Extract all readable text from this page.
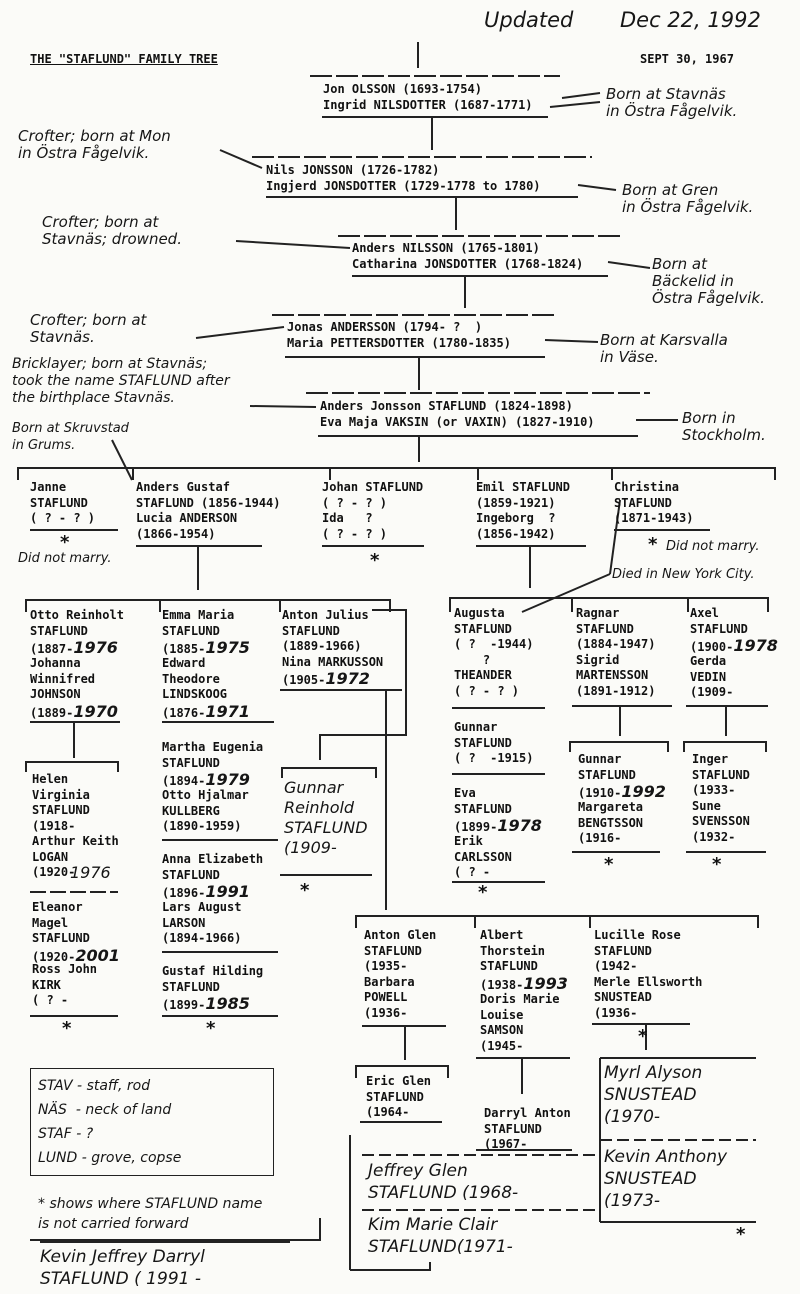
Updated Dec 22, 1992
THE "STAFLUND" FAMILY TREE	SEPT 30, 1967
Jon OLSSON (1693-1754)
Ingrid NILSDOTTER (1687-1771)
Nils JONSSON (1726-1782)
Ingjerd JONSDOTTER (1729-1778 to 1780)
Anders NILSSON (1765-1801)
Catharina JONSDOTTER (1768-1824)
Jonas ANDERSSON (1794- ?  )
Maria PETTERSDOTTER (1780-1835)
Anders Jonsson STAFLUND (1824-1898)
Eva Maja VAKSIN (or VAXIN) (1827-1910)
Born at Stavnäs
in Östra Fågelvik.
Crofter; born at Mon
in Östra Fågelvik.
Born at Gren
in Östra Fågelvik.
Crofter; born at
Stavnäs; drowned.
Born at
Bäckelid in
Östra Fågelvik.
Crofter; born at
Stavnäs.	Born at Karsvalla
in Väse.
Bricklayer; born at Stavnäs;
took the name STAFLUND after
the birthplace Stavnäs.
Born in
Stockholm.
Born at Skruvstad
in Grums.
Janne
STAFLUND
( ? - ? )
Anders Gustaf
STAFLUND (1856-1944)
Lucia ANDERSON
(1866-1954)
Johan STAFLUND
( ? - ? )
Ida   ?
( ? - ? )
Emil STAFLUND
(1859-1921)
Ingeborg  ?
(1856-1942)
Christina
STAFLUND
(1871-1943)
*
Did not marry.	*
* Did not marry.
Died in New York City.
Otto Reinholt
STAFLUND
(1887-1976
Johanna
Winnifred
JOHNSON
(1889-1970
Emma Maria
STAFLUND
(1885-1975
Edward
Theodore
LINDSKOOG
(1876-1971
Martha Eugenia
STAFLUND
(1894-1979
Otto Hjalmar
KULLBERG
(1890-1959)
Anna Elizabeth
STAFLUND
(1896-1991
Lars August
LARSON
(1894-1966)
Gustaf Hilding
STAFLUND
(1899-1985
Anton Julius
STAFLUND
(1889-1966)
Nina MARKUSSON
(1905-1972
Gunnar
Reinhold
STAFLUND
(1909-
*
Augusta
STAFLUND
( ?  -1944)
?
THEANDER
( ? - ? )
Gunnar
STAFLUND
( ?  -1915)
Eva
STAFLUND
(1899-1978
Erik
CARLSSON
( ? -
*
Ragnar
STAFLUND
(1884-1947)
Sigrid
MARTENSSON
(1891-1912)
Axel
STAFLUND
(1900-1978
Gerda
VEDIN
(1909-
Helen
Virginia
STAFLUND
(1918-
Arthur Keith
LOGAN
(1920-
1976
Eleanor
Magel
STAFLUND
(1920-2001
Ross John
KIRK
( ? -
*	*
Gunnar
STAFLUND
(1910-1992
Margareta
BENGTSSON
(1916-
*
Inger
STAFLUND
(1933-
Sune
SVENSSON
(1932-
*
Anton Glen
STAFLUND
(1935-
Barbara
POWELL
(1936-
Albert
Thorstein
STAFLUND
(1938-1993
Doris Marie
Louise
SAMSON
(1945-
Lucille Rose
STAFLUND
(1942-
Merle Ellsworth
SNUSTEAD
(1936-
*
Eric Glen
STAFLUND
(1964-	Darryl Anton
STAFLUND
(1967-
Jeffrey Glen
STAFLUND (1968-
Kim Marie Clair
STAFLUND(1971-
Myrl Alyson
SNUSTEAD
(1970-
Kevin Anthony
SNUSTEAD
(1973-
*
Kevin Jeffrey Darryl
STAFLUND ( 1991 -
STAV - staff, rod
NÄS  - neck of land
STAF - ?
LUND - grove, copse
* shows where STAFLUND name
is not carried forward
